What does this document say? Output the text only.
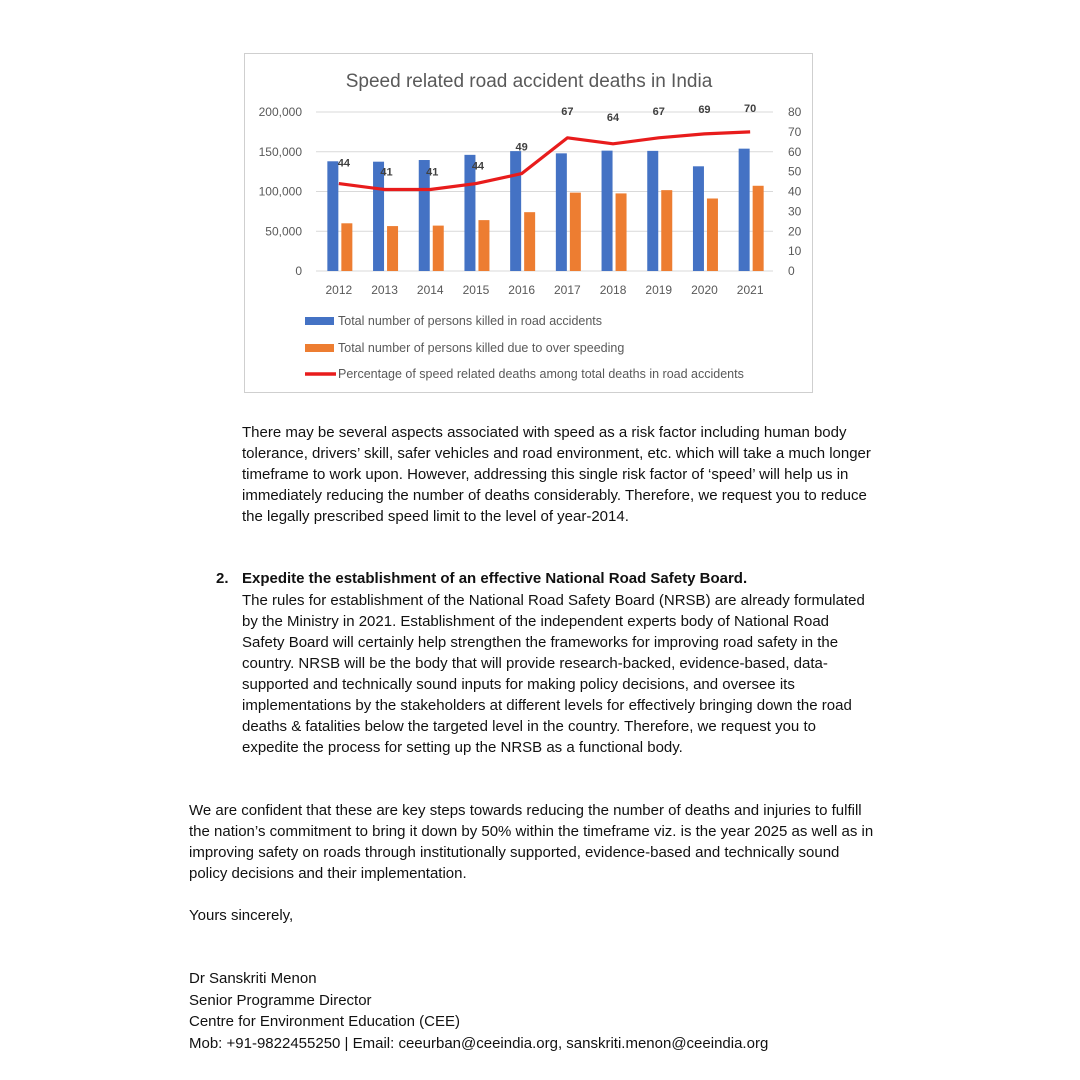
Speed related road accident deaths in India
0
50,000
100,000
150,000
200,000
0
10
20
30
40
50
60
70
80
2012 2013 2014 2015 2016 2017 2018 2019 2020 2021
44
41	41	44
49
67	64	67	69	70
Total number of persons killed in road accidents
Total number of persons killed due to over speeding
Percentage of speed related deaths among total deaths in road accidents

There may be several aspects associated with speed as a risk factor including human body tolerance, drivers’ skill, safer vehicles and road environment, etc. which will take a much longer timeframe to work upon. However, addressing this single risk factor of ‘speed’ will help us in immediately reducing the number of deaths considerably. Therefore, we request you to reduce the legally prescribed speed limit to the level of year-2014.

2. Expedite the establishment of an effective National Road Safety Board.

The rules for establishment of the National Road Safety Board (NRSB) are already formulated by the Ministry in 2021. Establishment of the independent experts body of National Road Safety Board will certainly help strengthen the frameworks for improving road safety in the country. NRSB will be the body that will provide research-backed, evidence-based, data-supported and technically sound inputs for making policy decisions, and oversee its implementations by the stakeholders at different levels for effectively bringing down the road deaths & fatalities below the targeted level in the country. Therefore, we request you to expedite the process for setting up the NRSB as a functional body.

We are confident that these are key steps towards reducing the number of deaths and injuries to fulfill the nation’s commitment to bring it down by 50% within the timeframe viz. is the year 2025 as well as in improving safety on roads through institutionally supported, evidence-based and technically sound policy decisions and their implementation.

Yours sincerely,

Dr Sanskriti Menon
Senior Programme Director
Centre for Environment Education (CEE)
Mob: +91-9822455250 | Email: ceeurban@ceeindia.org, sanskriti.menon@ceeindia.org
